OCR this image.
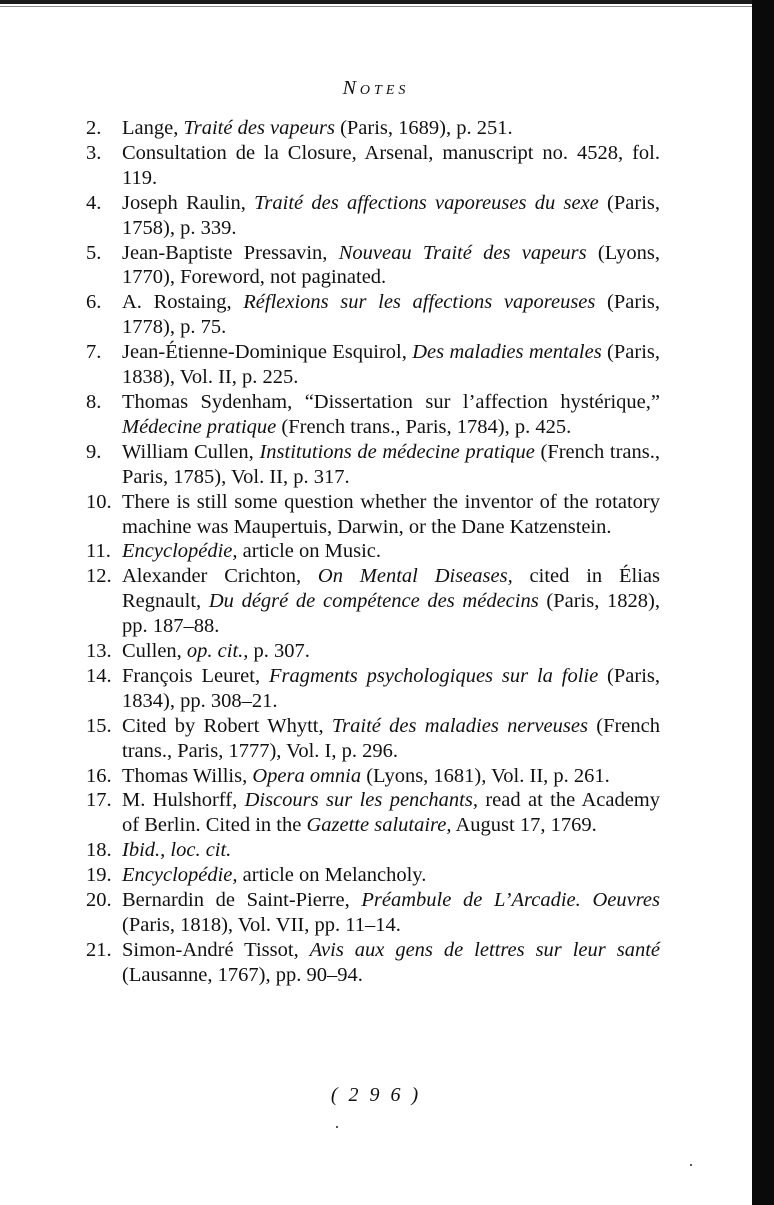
Notes
2.	Lange, Traité des vapeurs (Paris, 1689), p. 251.
3.	Consultation de la Closure, Arsenal, manuscript no. 4528, fol. 119.
4.	Joseph Raulin, Traité des affections vaporeuses du sexe (Paris, 1758), p. 339.
5.	Jean-Baptiste Pressavin, Nouveau Traité des vapeurs (Lyons, 1770), Foreword, not paginated.
6.	A. Rostaing, Réflexions sur les affections vaporeuses (Paris, 1778), p. 75.
7.	Jean-Étienne-Dominique Esquirol, Des maladies mentales (Paris, 1838), Vol. II, p. 225.
8.	Thomas Sydenham, “Dissertation sur l’affection hystérique,” Médecine pratique (French trans., Paris, 1784), p. 425.
9.	William Cullen, Institutions de médecine pratique (French trans., Paris, 1785), Vol. II, p. 317.
10. There is still some question whether the inventor of the rotatory machine was Maupertuis, Darwin, or the Dane Katzenstein.
11. Encyclopédie, article on Music.
12. Alexander Crichton, On Mental Diseases, cited in Élias Regnault, Du dégré de compétence des médecins (Paris, 1828), pp. 187–88.
13. Cullen, op. cit., p. 307.
14. François Leuret, Fragments psychologiques sur la folie (Paris, 1834), pp. 308–21.
15. Cited by Robert Whytt, Traité des maladies nerveuses (French trans., Paris, 1777), Vol. I, p. 296.
16. Thomas Willis, Opera omnia (Lyons, 1681), Vol. II, p. 261.
17. M. Hulshorff, Discours sur les penchants, read at the Academy of Berlin. Cited in the Gazette salutaire, August 17, 1769.
18. Ibid., loc. cit.
19. Encyclopédie, article on Melancholy.
20. Bernardin de Saint-Pierre, Préambule de L’Arcadie. Oeuvres (Paris, 1818), Vol. VII, pp. 11–14.
21. Simon-André Tissot, Avis aux gens de lettres sur leur santé (Lausanne, 1767), pp. 90–94.
( 2 9 6 )
